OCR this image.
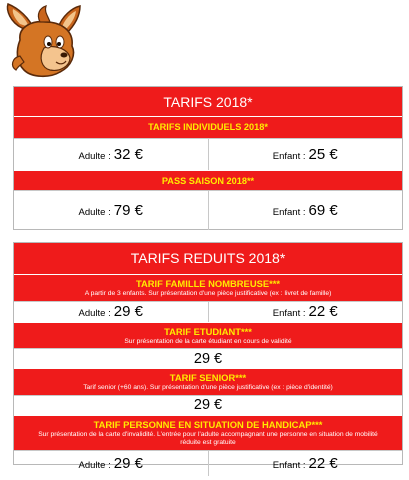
TARIFS 2018*
TARIFS INDIVIDUELS 2018*
Adulte : 32 €	Enfant : 25 €
PASS SAISON 2018**
Adulte : 79 €	Enfant : 69 €
TARIFS REDUITS 2018*
TARIF FAMILLE NOMBREUSE***
A partir de 3 enfants. Sur présentation d'une pièce justificative (ex : livret de famille)
Adulte : 29 €	Enfant : 22 €
TARIF ETUDIANT***
Sur présentation de la carte étudiant en cours de validité
29 €
TARIF SENIOR***
Tarif senior (+60 ans). Sur présentation d'une pièce justificative (ex : pièce d'identité)
29 €
TARIF PERSONNE EN SITUATION DE HANDICAP***
Sur présentation de la carte d'invalidité. L'entrée pour l'adulte accompagnant une personne en situation de mobilité réduite est gratuite
Adulte : 29 €	Enfant : 22 €
